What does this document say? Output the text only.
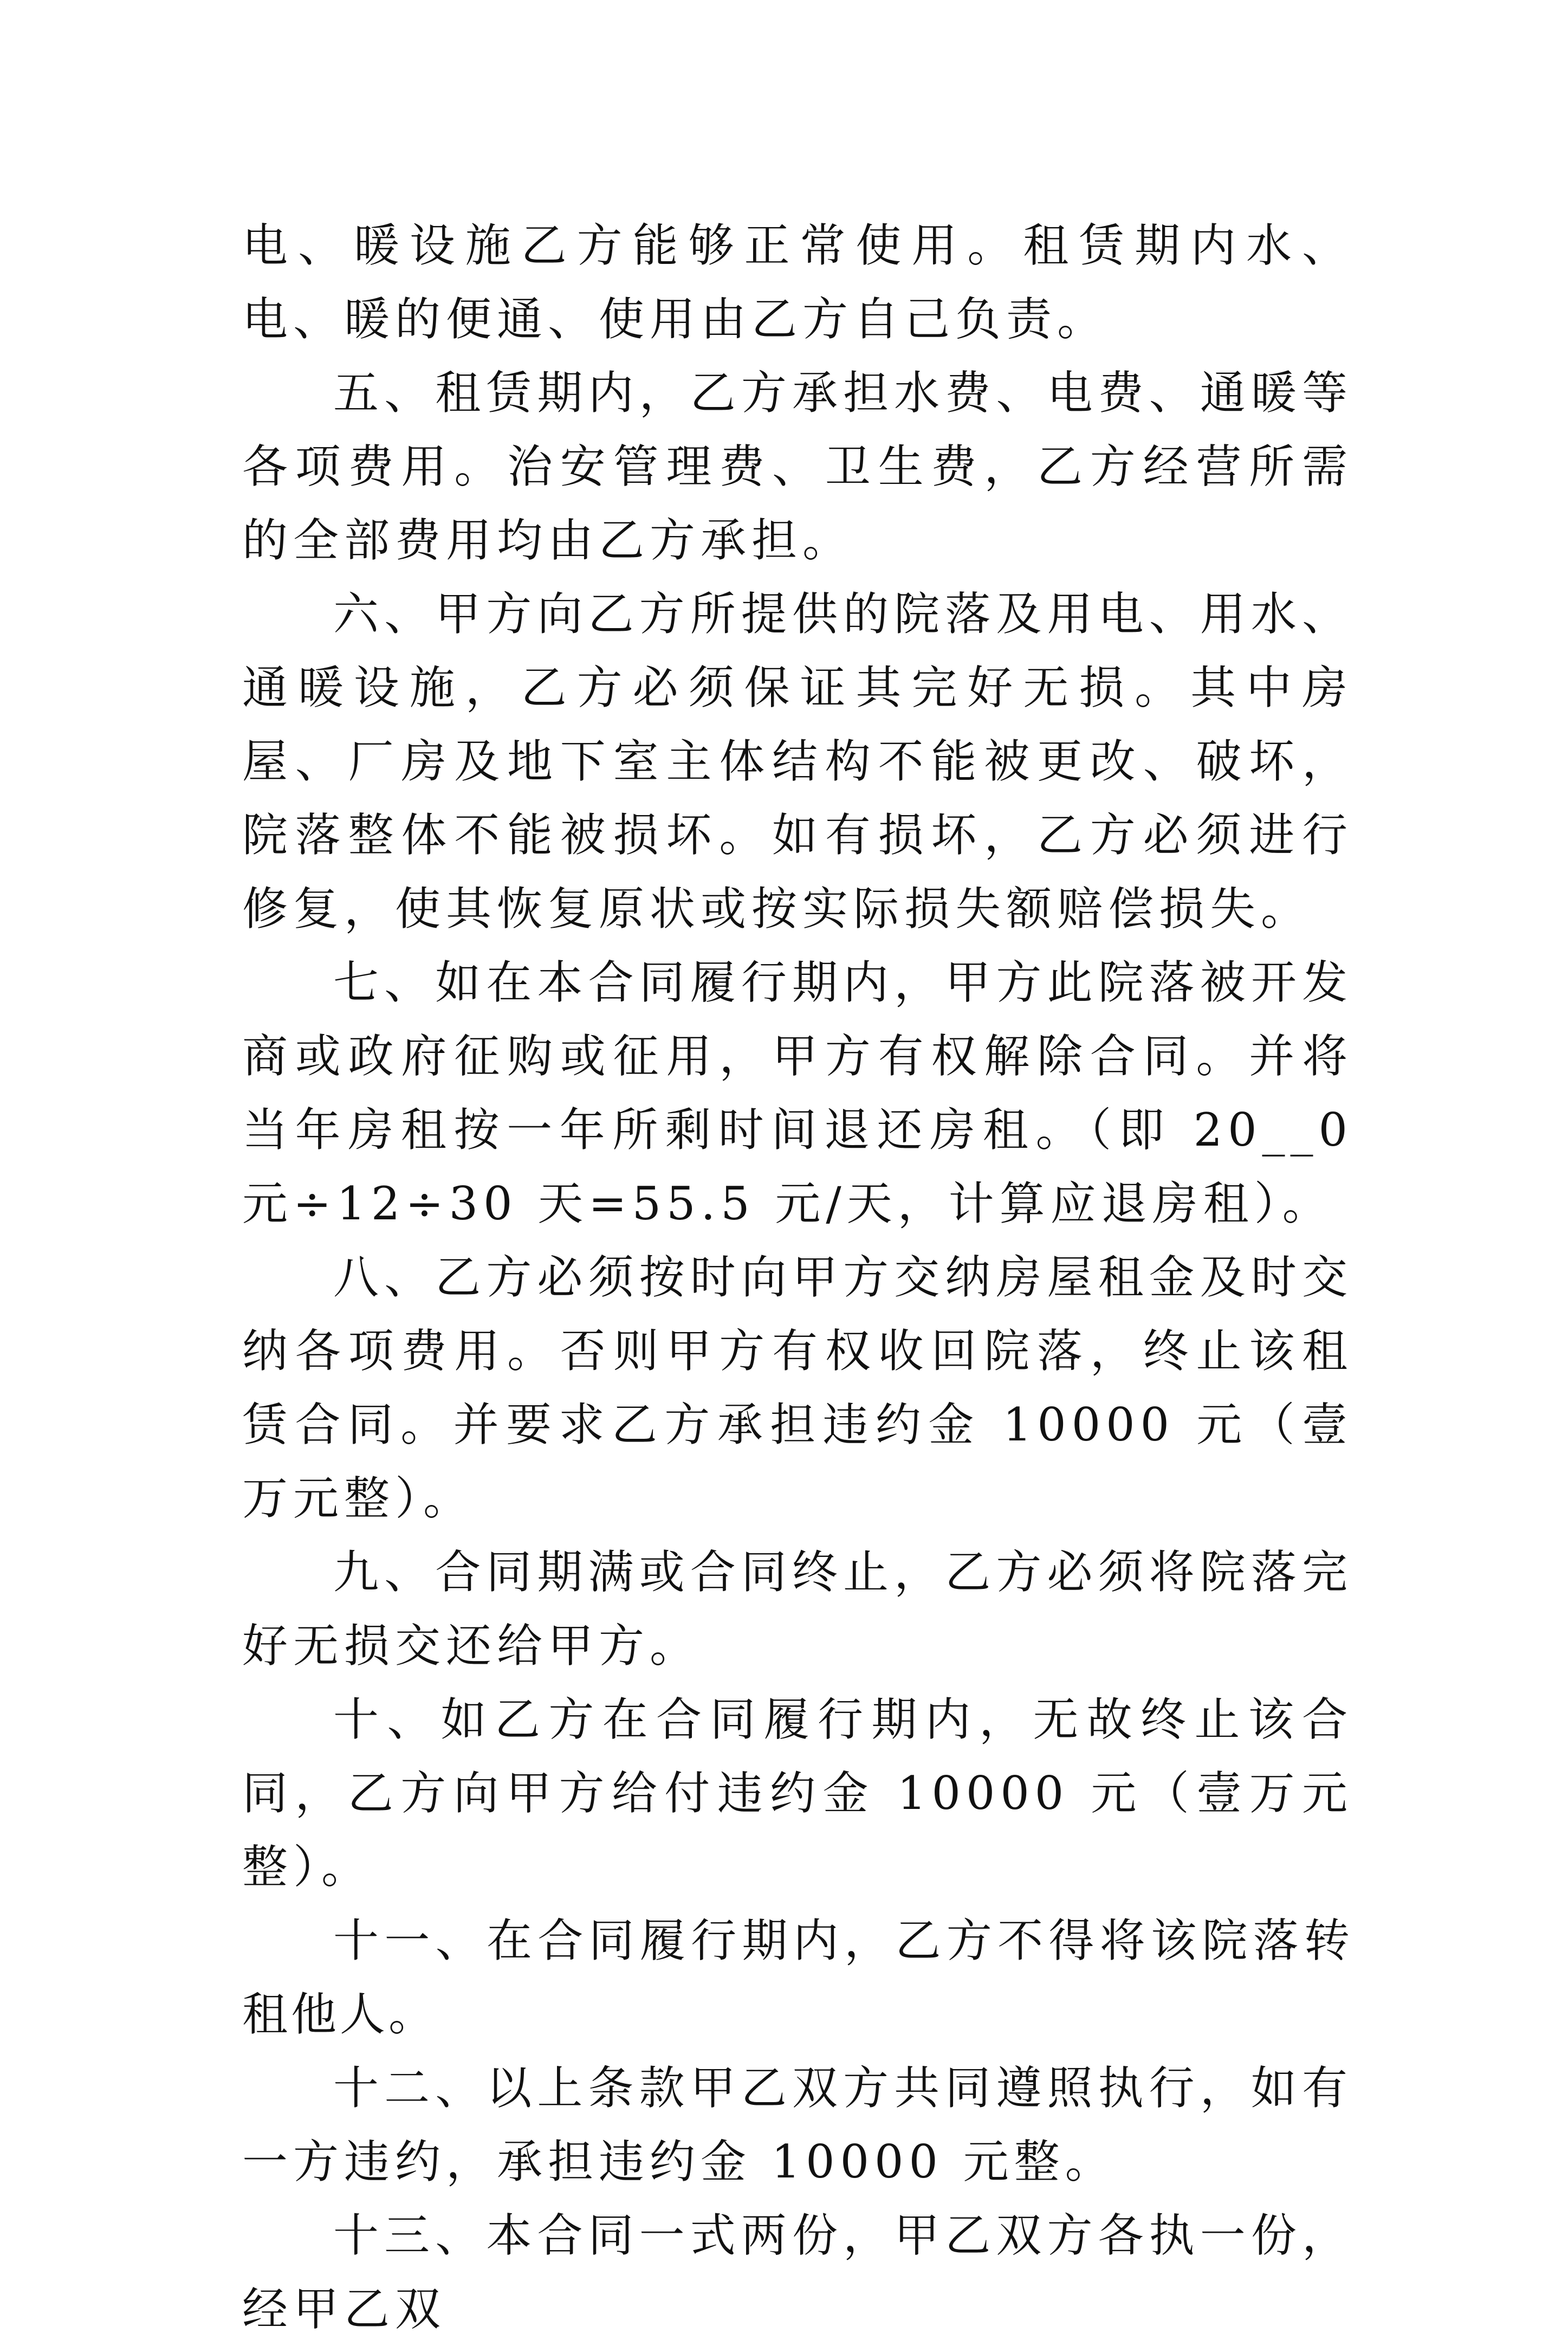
电、暖设施乙方能够正常使用。租赁期内水、电、暖的便通、使用由乙方自己负责。

五、租赁期内，乙方承担水费、电费、通暖等各项费用。治安管理费、卫生费，乙方经营所需的全部费用均由乙方承担。

六、甲方向乙方所提供的院落及用电、用水、通暖设施，乙方必须保证其完好无损。其中房屋、厂房及地下室主体结构不能被更改、破坏，院落整体不能被损坏。如有损坏，乙方必须进行修复，使其恢复原状或按实际损失额赔偿损失。

七、如在本合同履行期内，甲方此院落被开发商或政府征购或征用，甲方有权解除合同。并将当年房租按一年所剩时间退还房租。（即 20__0 元÷12÷30 天=55.5 元/天，计算应退房租）。

八、乙方必须按时向甲方交纳房屋租金及时交纳各项费用。否则甲方有权收回院落，终止该租赁合同。并要求乙方承担违约金 10000 元（壹万元整）。

九、合同期满或合同终止，乙方必须将院落完好无损交还给甲方。

十、如乙方在合同履行期内，无故终止该合同，乙方向甲方给付违约金 10000 元（壹万元整）。

十一、在合同履行期内，乙方不得将该院落转租他人。

十二、以上条款甲乙双方共同遵照执行，如有一方违约，承担违约金 10000 元整。

十三、本合同一式两份，甲乙双方各执一份，经甲乙双
